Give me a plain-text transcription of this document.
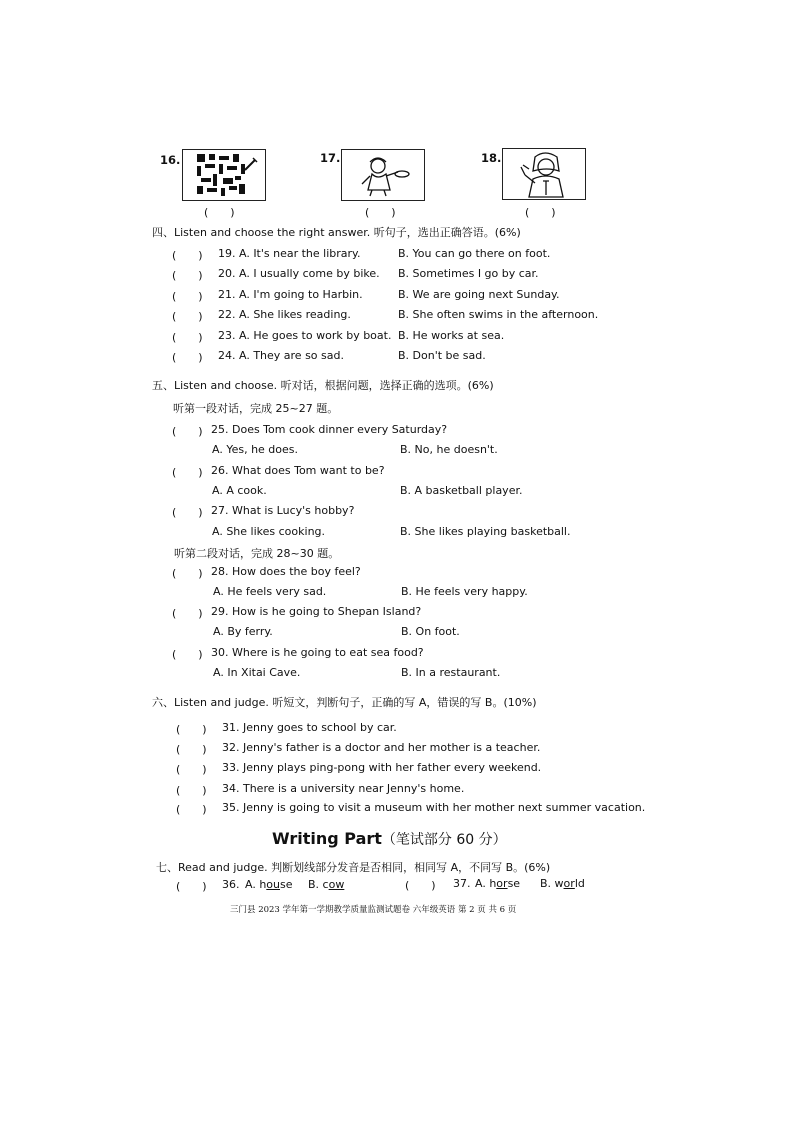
16.
(　　)
17.
(　　)
18.
(　　)
四、Listen and choose the right answer. 听句子，选出正确答语。(6%)
(　　) 19. A. It's near the library.	B. You can go there on foot.
(　　) 20. A. I usually come by bike. B. Sometimes I go by car.
(　　) 21. A. I'm going to Harbin.	B. We are going next Sunday.
(　　) 22. A. She likes reading.	B. She often swims in the afternoon.
(　　) 23. A. He goes to work by boat. B. He works at sea.
(　　) 24. A. They are so sad.	B. Don't be sad.
五、Listen and choose. 听对话，根据问题，选择正确的选项。(6%)
听第一段对话，完成 25~27 题。
(　　) 25. Does Tom cook dinner every Saturday?
A. Yes, he does.	B. No, he doesn't.
(　　) 26. What does Tom want to be?
A. A cook.	B. A basketball player.
(　　) 27. What is Lucy's hobby?
A. She likes cooking.	B. She likes playing basketball.
听第二段对话，完成 28~30 题。
(　　) 28. How does the boy feel?
A. He feels very sad.	B. He feels very happy.
(　　) 29. How is he going to Shepan Island?
A. By ferry.	B. On foot.
(　　) 30. Where is he going to eat sea food?
A. In Xitai Cave.	B. In a restaurant.
六、Listen and judge. 听短文，判断句子，正确的写 A，错误的写 B。(10%)
(　　) 31. Jenny goes to school by car.
(　　) 32. Jenny's father is a doctor and her mother is a teacher.
(　　) 33. Jenny plays ping-pong with her father every weekend.
(　　) 34. There is a university near Jenny's home.
(　　) 35. Jenny is going to visit a museum with her mother next summer vacation.
Writing Part（笔试部分 60 分）
七、Read and judge. 判断划线部分发音是否相同，相同写 A，不同写 B。(6%)
(　　) 36. A. house B. cow	(　　) 37. A. horse B. world
三门县 2023 学年第一学期教学质量监测试题卷 六年级英语 第 2 页 共 6 页
